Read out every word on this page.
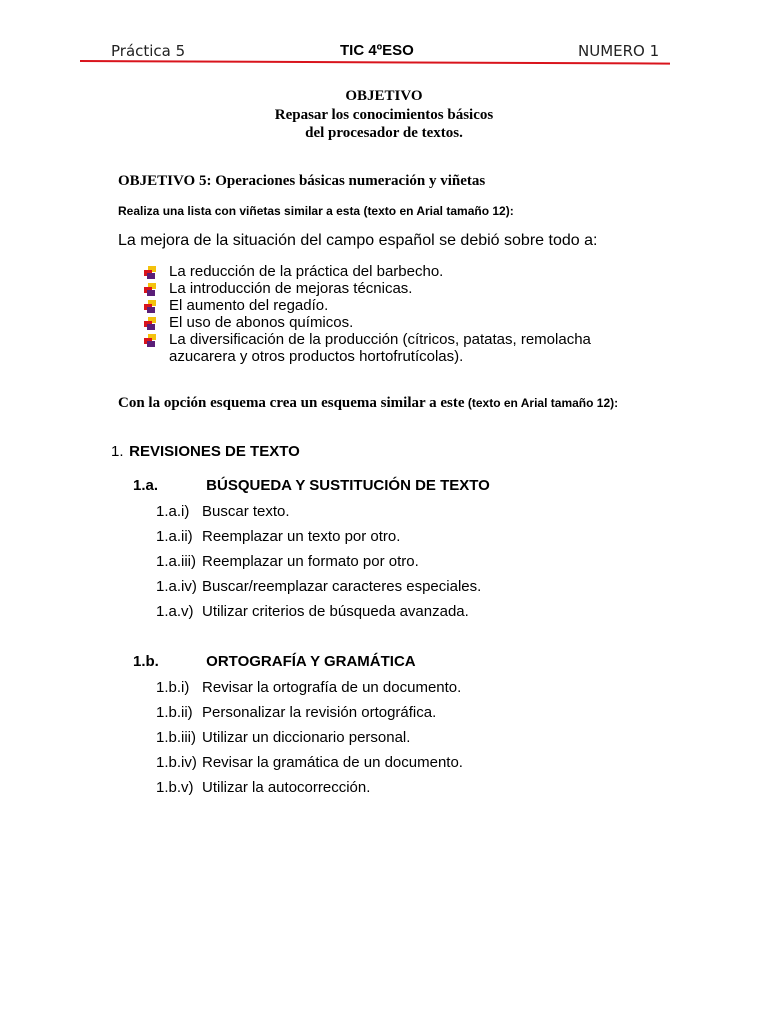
Práctica 5	TIC 4ºESO	NUMERO 1
OBJETIVO
Repasar los conocimientos básicos
del procesador de textos.
OBJETIVO 5: Operaciones básicas numeración y viñetas
Realiza una lista con viñetas similar a esta (texto en Arial tamaño 12):
La mejora de la situación del campo español se debió sobre todo a:
La reducción de la práctica del barbecho.
La introducción de mejoras técnicas.
El aumento del regadío.
El uso de abonos químicos.
La diversificación de la producción (cítricos, patatas, remolacha azucarera y otros productos hortofrutícolas).
Con la opción esquema crea un esquema similar a este (texto en Arial tamaño 12):
1. REVISIONES DE TEXTO
1.a.	BÚSQUEDA Y SUSTITUCIÓN DE TEXTO
1.a.i) Buscar texto.
1.a.ii) Reemplazar un texto por otro.
1.a.iii) Reemplazar un formato por otro.
1.a.iv) Buscar/reemplazar caracteres especiales.
1.a.v) Utilizar criterios de búsqueda avanzada.
1.b.	ORTOGRAFÍA Y GRAMÁTICA
1.b.i) Revisar la ortografía de un documento.
1.b.ii) Personalizar la revisión ortográfica.
1.b.iii) Utilizar un diccionario personal.
1.b.iv) Revisar la gramática de un documento.
1.b.v) Utilizar la autocorrección.
